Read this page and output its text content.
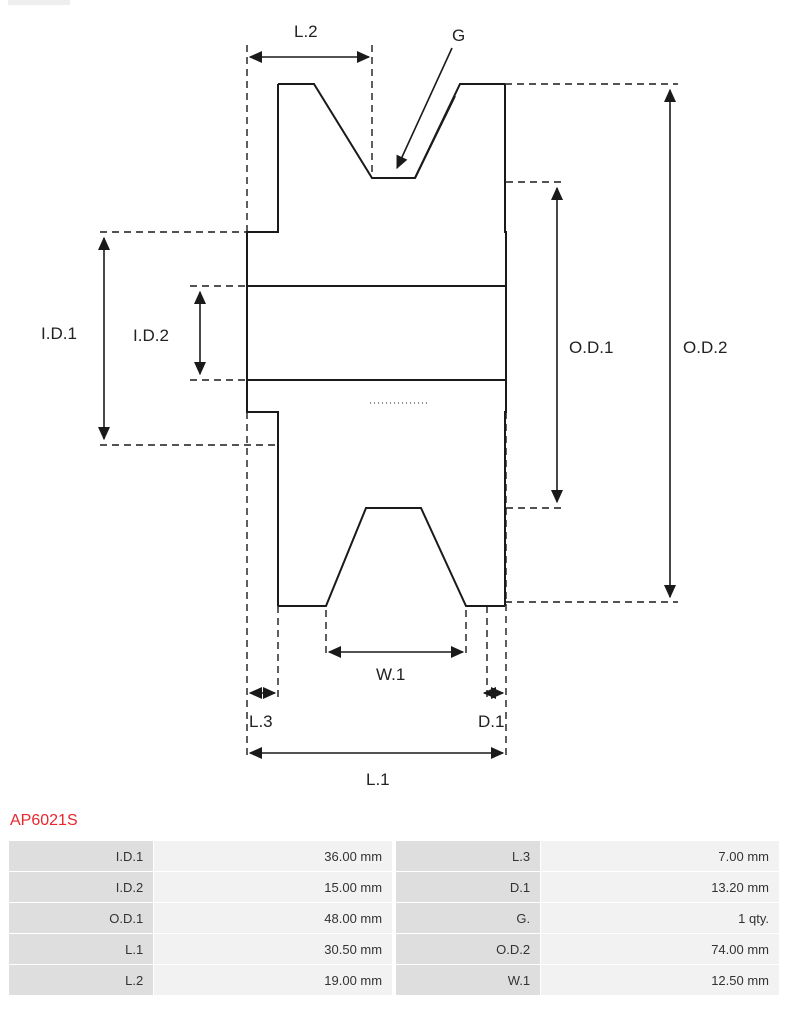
L.2	G
I.D.1	I.D.2
O.D.1	O.D.2
W.1
L.3	D.1
L.1
AP6021S
I.D.1	36.00 mm		L.3	7.00 mm
I.D.2	15.00 mm		D.1	13.20 mm
O.D.1	48.00 mm		G.	1 qty.
L.1	30.50 mm		O.D.2	74.00 mm
L.2	19.00 mm		W.1	12.50 mm
